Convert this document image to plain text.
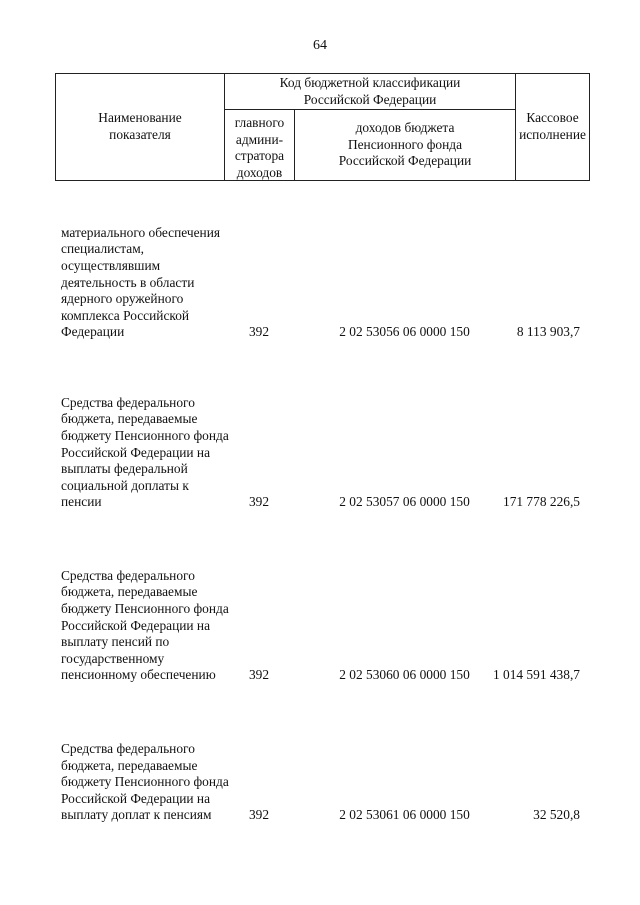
64
Наименование показателя
Код бюджетной классификации Российской Федерации
главного админи-стратора доходов
доходов бюджета Пенсионного фонда Российской Федерации
Кассовое исполнение
материального обеспечения специалистам, осуществлявшим деятельность в области ядерного оружейного комплекса Российской Федерации	392	2 02 53056 06 0000 150	8 113 903,7
Средства федерального бюджета, передаваемые бюджету Пенсионного фонда Российской Федерации на выплаты федеральной социальной доплаты к пенсии	392	2 02 53057 06 0000 150	171 778 226,5
Средства федерального бюджета, передаваемые бюджету Пенсионного фонда Российской Федерации на выплату пенсий по государственному пенсионному обеспечению	392	2 02 53060 06 0000 150	1 014 591 438,7
Средства федерального бюджета, передаваемые бюджету Пенсионного фонда Российской Федерации на выплату доплат к пенсиям	392	2 02 53061 06 0000 150	32 520,8
